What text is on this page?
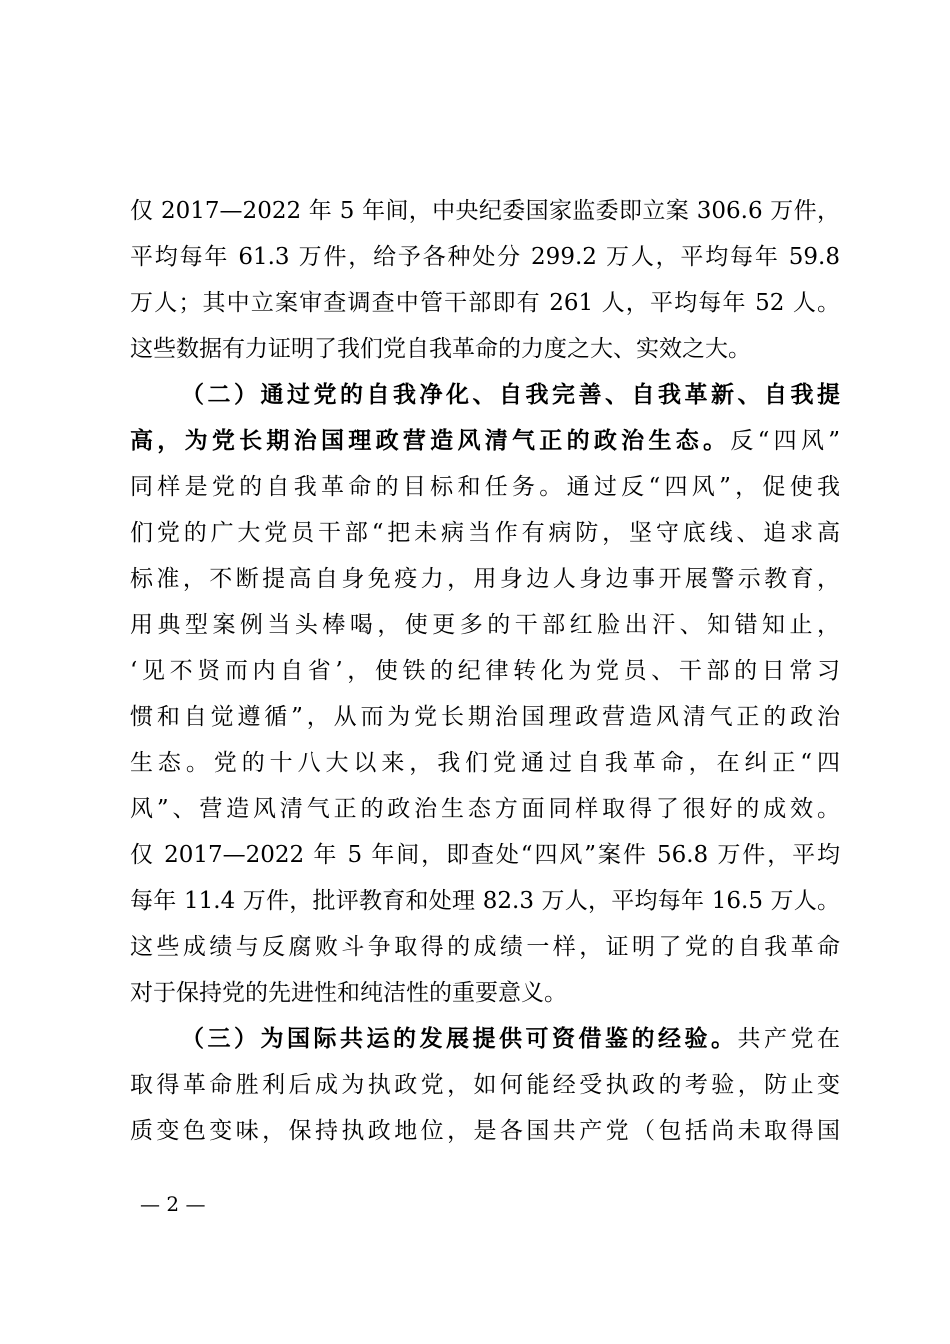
仅 2017—2022 年 5 年间，中央纪委国家监委即立案 306.6 万件，
平均每年 61.3 万件，给予各种处分 299.2 万人，平均每年 59.8
万人；其中立案审查调查中管干部即有 261 人，平均每年 52 人。
这些数据有力证明了我们党自我革命的力度之大、实效之大。
（二）通过党的自我净化、自我完善、自我革新、自我提
高，为党长期治国理政营造风清气正的政治生态。反“四风”
同样是党的自我革命的目标和任务。通过反“四风”，促使我
们党的广大党员干部“把未病当作有病防，坚守底线、追求高
标准，不断提高自身免疫力，用身边人身边事开展警示教育，
用典型案例当头棒喝，使更多的干部红脸出汗、知错知止，
‘见不贤而内自省’，使铁的纪律转化为党员、干部的日常习
惯和自觉遵循”，从而为党长期治国理政营造风清气正的政治
生态。党的十八大以来，我们党通过自我革命，在纠正“四
风”、营造风清气正的政治生态方面同样取得了很好的成效。
仅 2017—2022 年 5 年间，即查处“四风”案件 56.8 万件，平均
每年 11.4 万件，批评教育和处理 82.3 万人，平均每年 16.5 万人。
这些成绩与反腐败斗争取得的成绩一样，证明了党的自我革命
对于保持党的先进性和纯洁性的重要意义。
（三）为国际共运的发展提供可资借鉴的经验。共产党在
取得革命胜利后成为执政党，如何能经受执政的考验，防止变
质变色变味，保持执政地位，是各国共产党（包括尚未取得国
— 2 —
